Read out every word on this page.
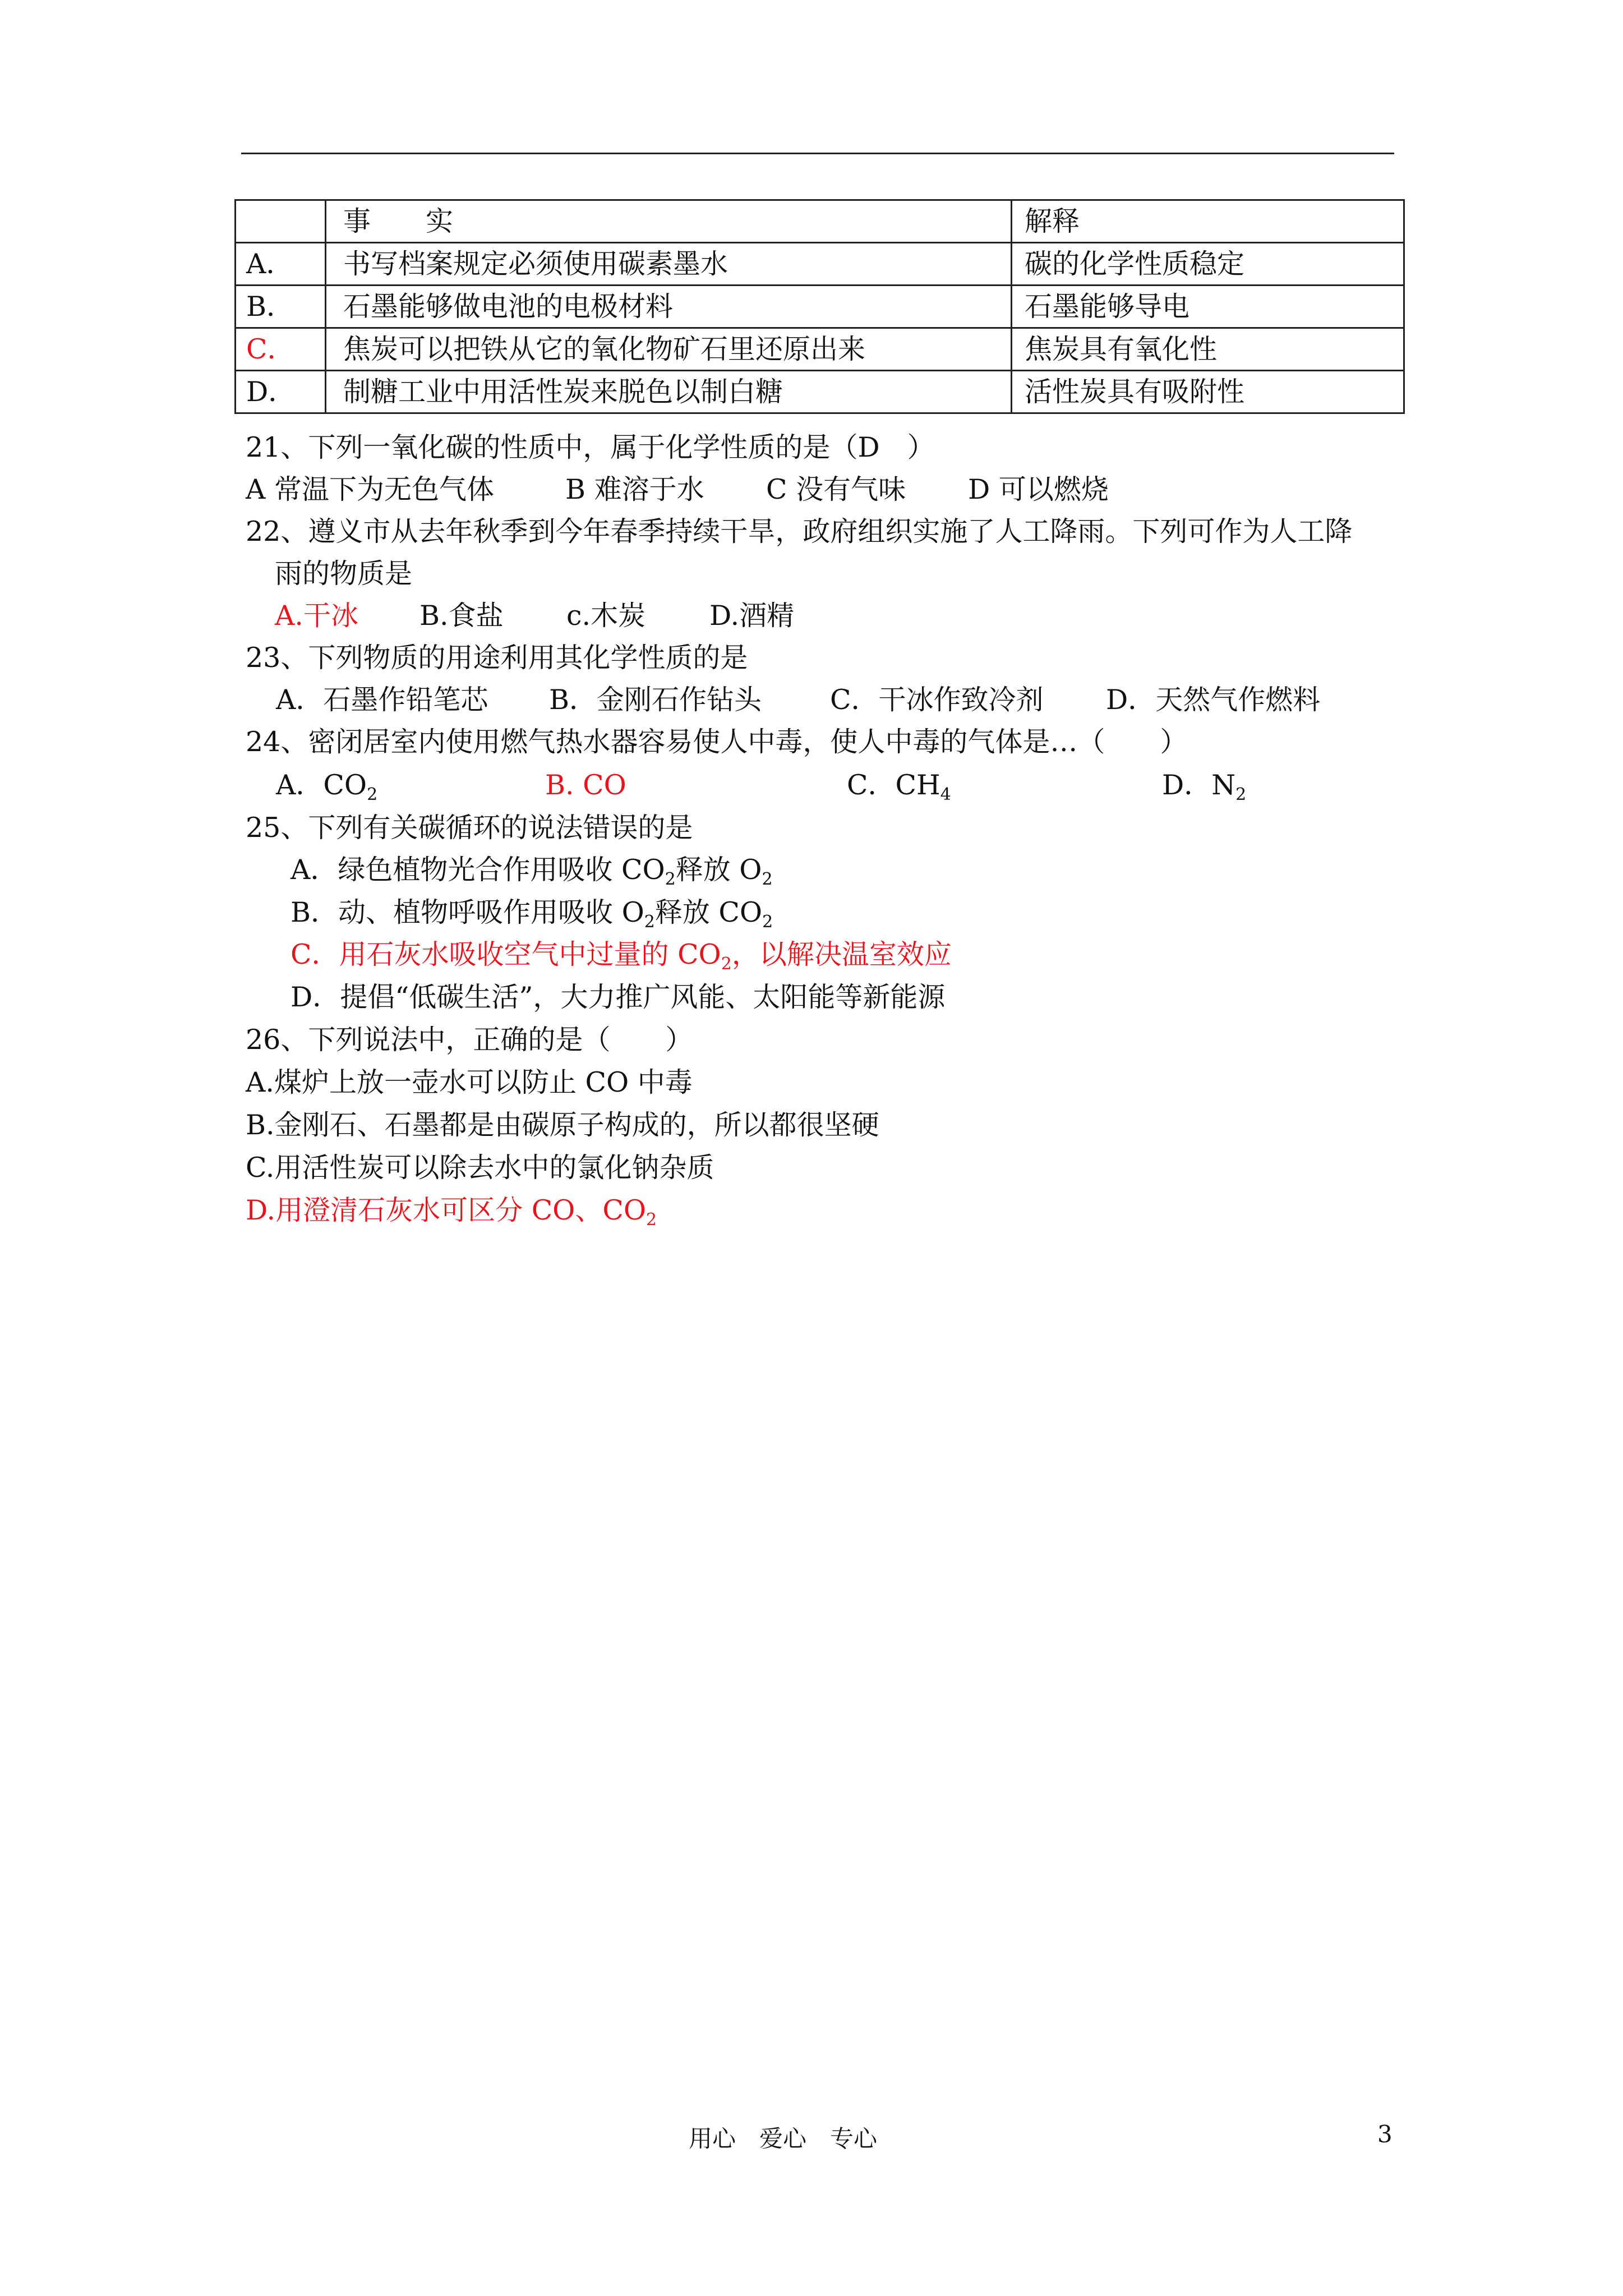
	事　　实	解释
A．	书写档案规定必须使用碳素墨水	碳的化学性质稳定
B．	石墨能够做电池的电极材料	石墨能够导电
C．	焦炭可以把铁从它的氧化物矿石里还原出来	焦炭具有氧化性
D．	制糖工业中用活性炭来脱色以制白糖	活性炭具有吸附性
21、下列一氧化碳的性质中，属于化学性质的是（D　）
A 常温下为无色气体	B 难溶于水 C 没有气味 D 可以燃烧
22、遵义市从去年秋季到今年春季持续干旱，政府组织实施了人工降雨。下列可作为人工降
雨的物质是
A.干冰 B.食盐 c.木炭 D.酒精
23、下列物质的用途利用其化学性质的是
A．石墨作铅笔芯 B．金刚石作钻头 C．干冰作致冷剂 D．天然气作燃料
24、密闭居室内使用燃气热水器容易使人中毒，使人中毒的气体是…（　　）
A．$CO_2$	B. CO	C．$CH_4$	D．$N_2$
25、下列有关碳循环的说法错误的是
A．绿色植物光合作用吸收 $CO_2$释放 $O_2$
B．动、植物呼吸作用吸收 $O_2$释放 $CO_2$
C．用石灰水吸收空气中过量的 $CO_2$，以解决温室效应
D．提倡“低碳生活”，大力推广风能、太阳能等新能源
26、下列说法中，正确的是（　　）
A.煤炉上放一壶水可以防止 CO 中毒
B.金刚石、石墨都是由碳原子构成的，所以都很坚硬
C.用活性炭可以除去水中的氯化钠杂质
D.用澄清石灰水可区分 CO、$CO_2$
用心　爱心　专心	3
